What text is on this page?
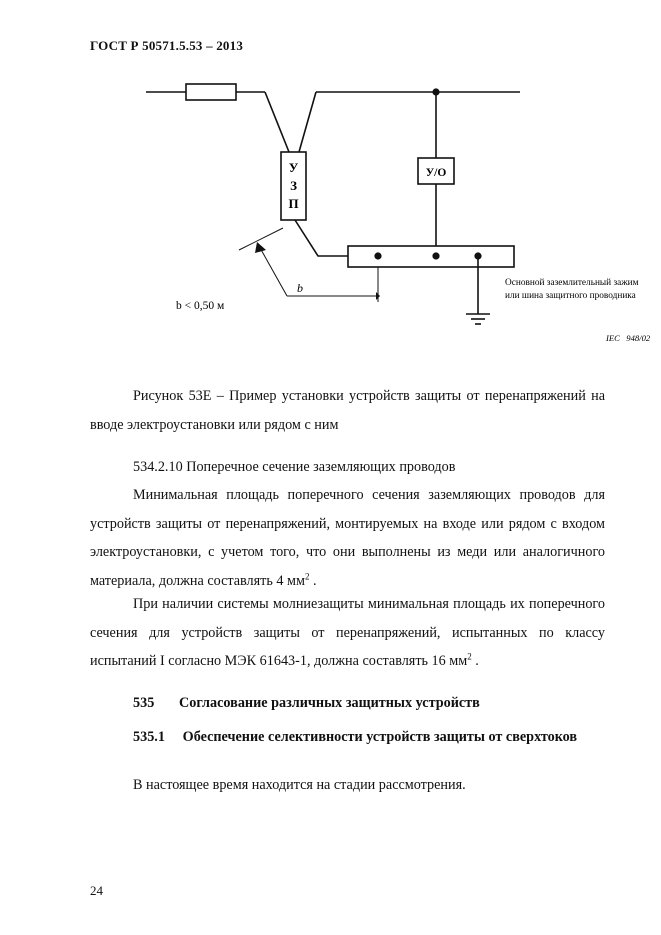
ГОСТ Р 50571.5.53 – 2013
У
З
П
У/О
Основной заземлительный зажим
или шина защитного проводника
b
b < 0,50 м
IEC   948/02
Рисунок 53Е – Пример установки устройств защиты от перенапряжений на вводе электроустановки или рядом с ним
534.2.10 Поперечное сечение заземляющих проводов
Минимальная площадь поперечного сечения заземляющих проводов для устройств защиты от перенапряжений, монтируемых на входе или рядом с входом электроустановки, с учетом того, что они выполнены из меди или аналогичного материала, должна составлять 4 $мм^2$ .
При наличии системы молниезащиты минимальная площадь их поперечного сечения для устройств защиты от перенапряжений, испытанных по классу испытаний I согласно МЭК 61643-1, должна составлять 16 $мм^2$ .
535 Согласование различных защитных устройств
535.1 Обеспечение селективности устройств защиты от сверхтоков
В настоящее время находится на стадии рассмотрения.
24
